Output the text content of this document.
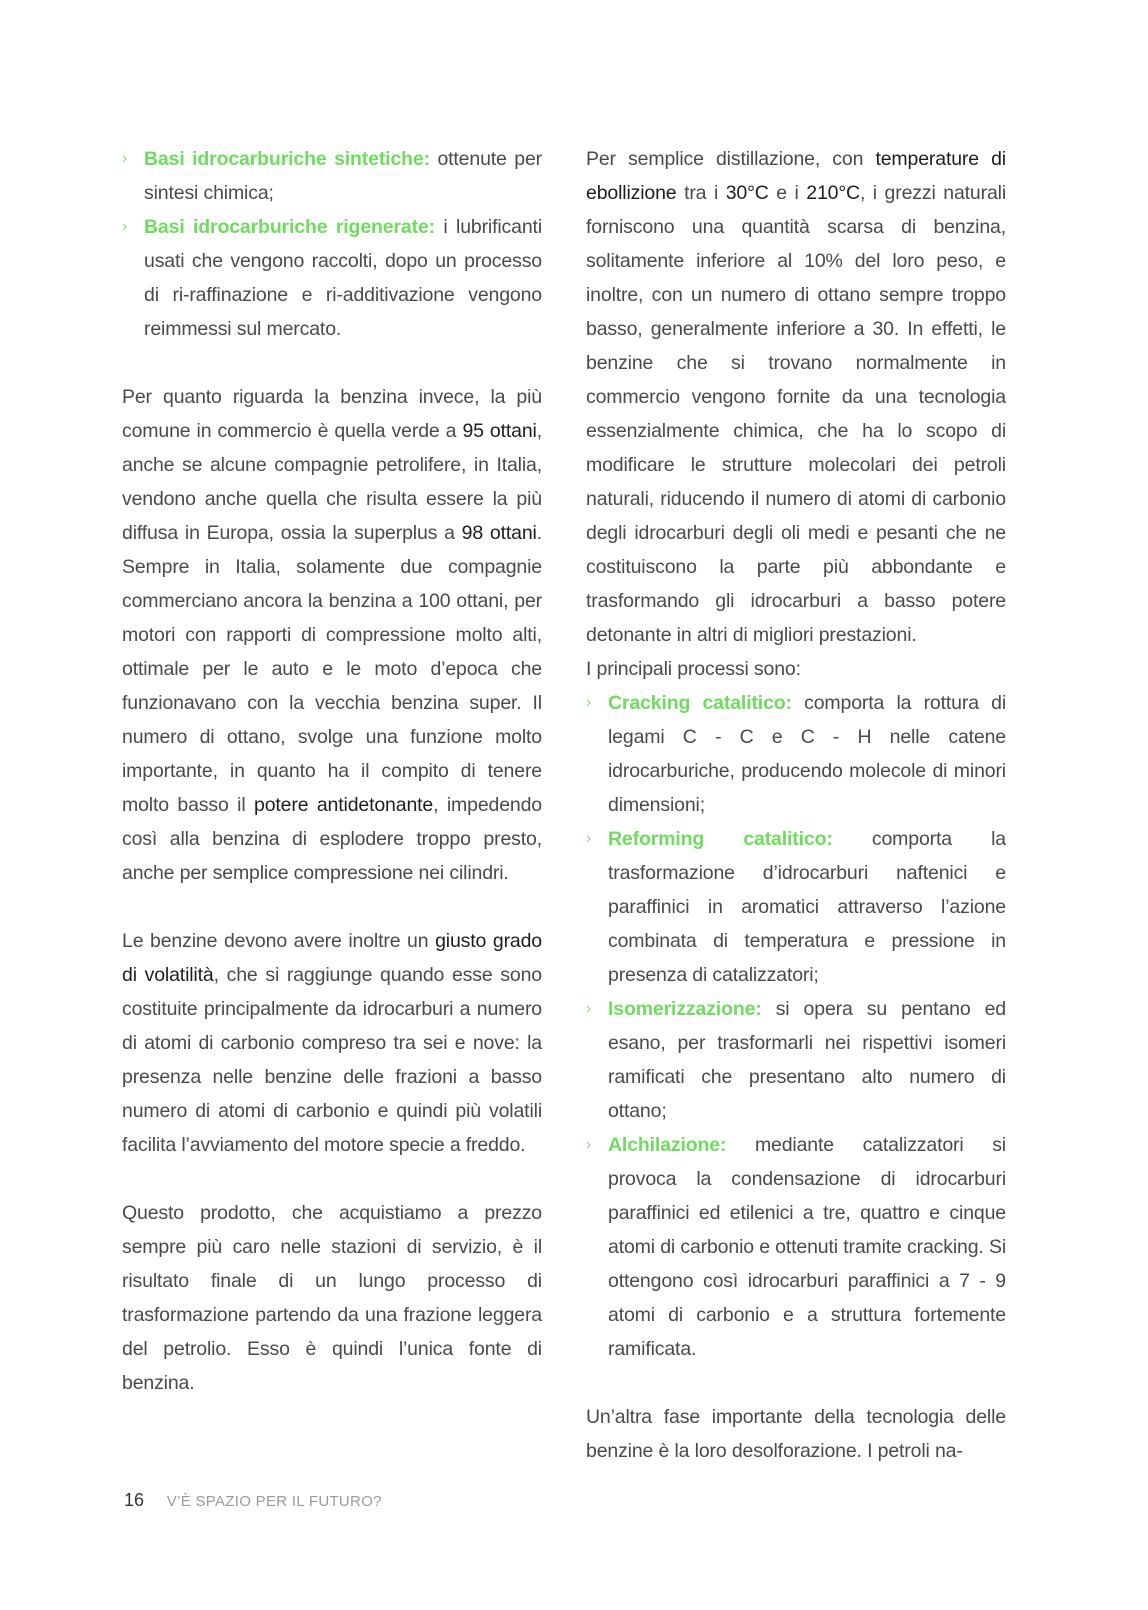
› Basi idrocarburiche sintetiche: ottenute per sintesi chimica;
› Basi idrocarburiche rigenerate: i lubrificanti usati che vengono raccolti, dopo un processo di ri-raffinazione e ri-additivazione vengono reimmessi sul mercato.

Per quanto riguarda la benzina invece, la più comune in commercio è quella verde a 95 ottani, anche se alcune compagnie petrolifere, in Italia, vendono anche quella che risulta essere la più diffusa in Europa, ossia la superplus a 98 ottani. Sempre in Italia, solamente due compagnie commerciano ancora la benzina a 100 ottani, per motori con rapporti di compressione molto alti, ottimale per le auto e le moto d’epoca che funzionavano con la vecchia benzina super. Il numero di ottano, svolge una funzione molto importante, in quanto ha il compito di tenere molto basso il potere antidetonante, impedendo così alla benzina di esplodere troppo presto, anche per semplice compressione nei cilindri.

Le benzine devono avere inoltre un giusto grado di volatilità, che si raggiunge quando esse sono costituite principalmente da idrocarburi a numero di atomi di carbonio compreso tra sei e nove: la presenza nelle benzine delle frazioni a basso numero di atomi di carbonio e quindi più volatili facilita l’avviamento del motore specie a freddo.

Questo prodotto, che acquistiamo a prezzo sempre più caro nelle stazioni di servizio, è il risultato finale di un lungo processo di trasformazione partendo da una frazione leggera del petrolio. Esso è quindi l’unica fonte di benzina.

Per semplice distillazione, con temperature di ebollizione tra i 30°C e i 210°C, i grezzi naturali forniscono una quantità scarsa di benzina, solitamente inferiore al 10% del loro peso, e inoltre, con un numero di ottano sempre troppo basso, generalmente inferiore a 30. In effetti, le benzine che si trovano normalmente in commercio vengono fornite da una tecnologia essenzialmente chimica, che ha lo scopo di modificare le strutture molecolari dei petroli naturali, riducendo il numero di atomi di carbonio degli idrocarburi degli oli medi e pesanti che ne costituiscono la parte più abbondante e trasformando gli idrocarburi a basso potere detonante in altri di migliori prestazioni.

I principali processi sono:

› Cracking catalitico: comporta la rottura di legami C - C e C - H nelle catene idrocarburiche, producendo molecole di minori dimensioni;
› Reforming catalitico: comporta la trasformazione d’idrocarburi naftenici e paraffinici in aromatici attraverso l’azione combinata di temperatura e pressione in presenza di catalizzatori;
› Isomerizzazione: si opera su pentano ed esano, per trasformarli nei rispettivi isomeri ramificati che presentano alto numero di ottano;
› Alchilazione: mediante catalizzatori si provoca la condensazione di idrocarburi paraffinici ed etilenici a tre, quattro e cinque atomi di carbonio e ottenuti tramite cracking. Si ottengono così idrocarburi paraffinici a 7 - 9 atomi di carbonio e a struttura fortemente ramificata.

Un’altra fase importante della tecnologia delle benzine è la loro desolforazione. I petroli na-

16 V’È SPAZIO PER IL FUTURO?
